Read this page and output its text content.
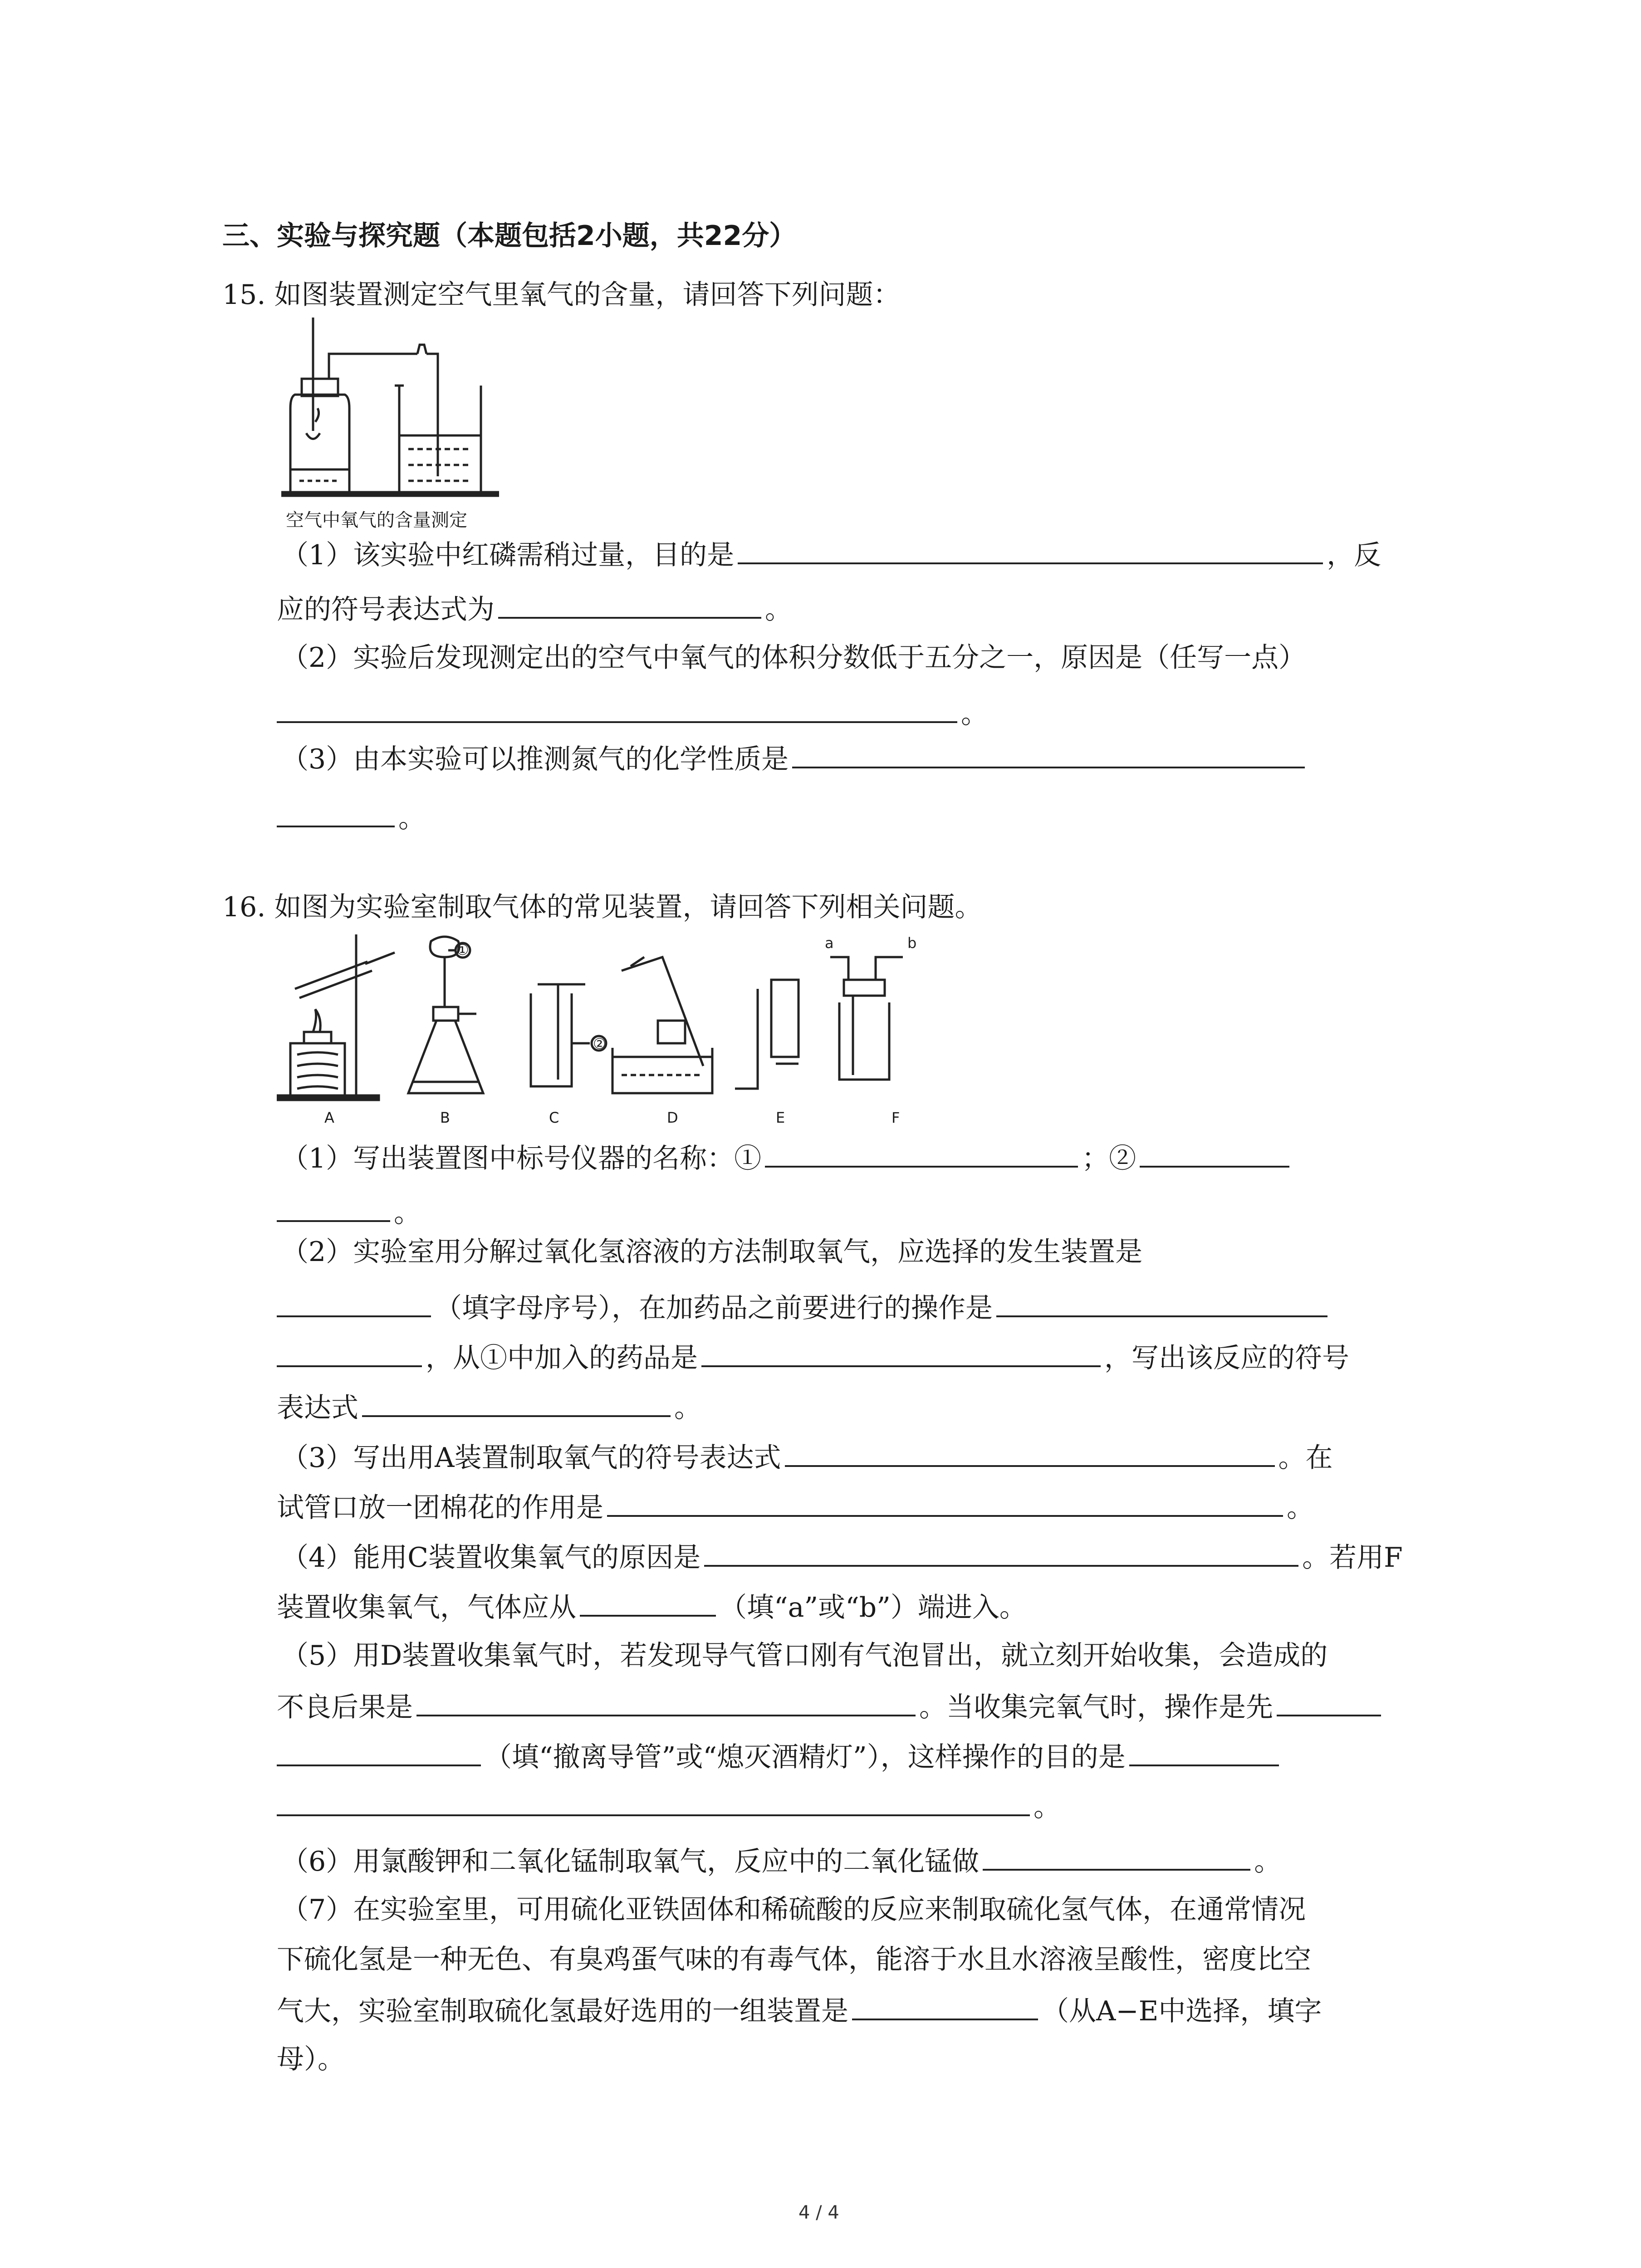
三、实验与探究题（本题包括2小题，共22分）
15. 如图装置测定空气里氧气的含量，请回答下列问题：
空气中氧气的含量测定
（1）该实验中红磷需稍过量，目的是	，反
应的符号表达式为	。
（2）实验后发现测定出的空气中氧气的体积分数低于五分之一，原因是（任写一点）
。
（3）由本实验可以推测氮气的化学性质是
。
16. 如图为实验室制取气体的常见装置，请回答下列相关问题。
①
②
a	b
A	B	C	D	E	F
（1）写出装置图中标号仪器的名称：①	；②
。
（2）实验室用分解过氧化氢溶液的方法制取氧气，应选择的发生装置是
（填字母序号），在加药品之前要进行的操作是
，从①中加入的药品是	，写出该反应的符号
表达式	。
（3）写出用A装置制取氧气的符号表达式	。在
试管口放一团棉花的作用是	。
（4）能用C装置收集氧气的原因是	。若用F
装置收集氧气，气体应从	（填“a”或“b”）端进入。
（5）用D装置收集氧气时，若发现导气管口刚有气泡冒出，就立刻开始收集，会造成的
不良后果是	。当收集完氧气时，操作是先
（填“撤离导管”或“熄灭酒精灯”），这样操作的目的是
。
（6）用氯酸钾和二氧化锰制取氧气，反应中的二氧化锰做	。
（7）在实验室里，可用硫化亚铁固体和稀硫酸的反应来制取硫化氢气体，在通常情况
下硫化氢是一种无色、有臭鸡蛋气味的有毒气体，能溶于水且水溶液呈酸性，密度比空
气大，实验室制取硫化氢最好选用的一组装置是	（从A−E中选择，填字
母）。
4 / 4
